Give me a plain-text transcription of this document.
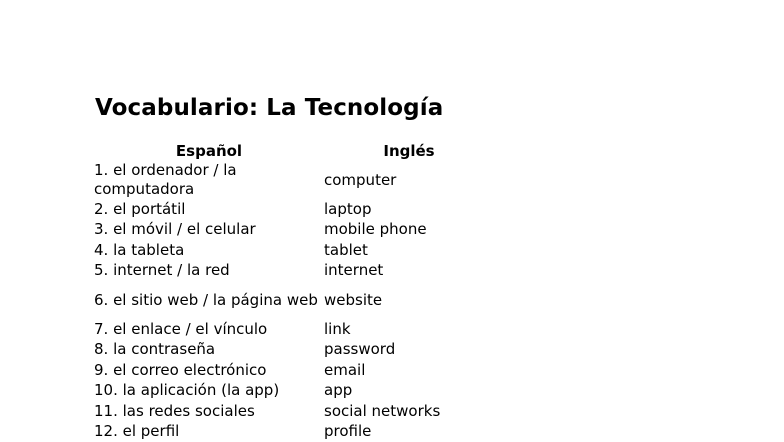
Vocabulario: La Tecnología
Español	Inglés
1. el ordenador / la computadora	computer
2. el portátil	laptop
3. el móvil / el celular	mobile phone
4. la tableta	tablet
5. internet / la red	internet
6. el sitio web / la página web	website
7. el enlace / el vínculo	link
8. la contraseña	password
9. el correo electrónico	email
10. la aplicación (la app)	app
11. las redes sociales	social networks
12. el perfil	profile
